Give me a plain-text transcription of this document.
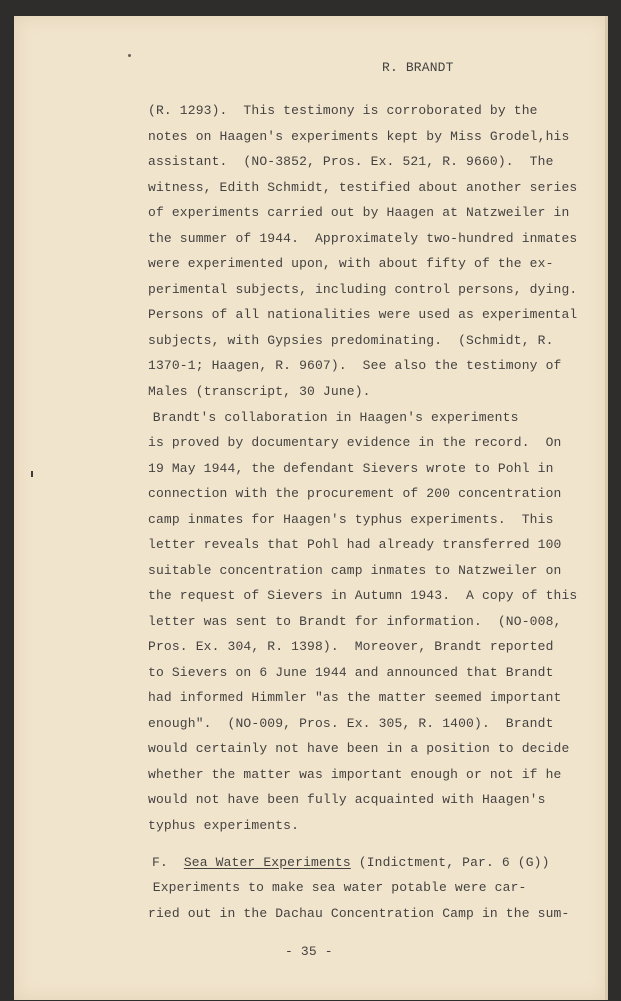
R. BRANDT
(R. 1293).  This testimony is corroborated by the
notes on Haagen's experiments kept by Miss Grodel,his
assistant.  (NO-3852, Pros. Ex. 521, R. 9660).  The
witness, Edith Schmidt, testified about another series
of experiments carried out by Haagen at Natzweiler in
the summer of 1944.  Approximately two-hundred inmates
were experimented upon, with about fifty of the ex-
perimental subjects, including control persons, dying.
Persons of all nationalities were used as experimental
subjects, with Gypsies predominating.  (Schmidt, R.
1370-1; Haagen, R. 9607).  See also the testimony of
Males (transcript, 30 June).
Brandt's collaboration in Haagen's experiments
is proved by documentary evidence in the record.  On
19 May 1944, the defendant Sievers wrote to Pohl in
connection with the procurement of 200 concentration
camp inmates for Haagen's typhus experiments.  This
letter reveals that Pohl had already transferred 100
suitable concentration camp inmates to Natzweiler on
the request of Sievers in Autumn 1943.  A copy of this
letter was sent to Brandt for information.  (NO-008,
Pros. Ex. 304, R. 1398).  Moreover, Brandt reported
to Sievers on 6 June 1944 and announced that Brandt
had informed Himmler "as the matter seemed important
enough".  (NO-009, Pros. Ex. 305, R. 1400).  Brandt
would certainly not have been in a position to decide
whether the matter was important enough or not if he
would not have been fully acquainted with Haagen's
typhus experiments.
F. Sea Water Experiments (Indictment, Par. 6 (G))
Experiments to make sea water potable were car-
ried out in the Dachau Concentration Camp in the sum-
- 35 -
